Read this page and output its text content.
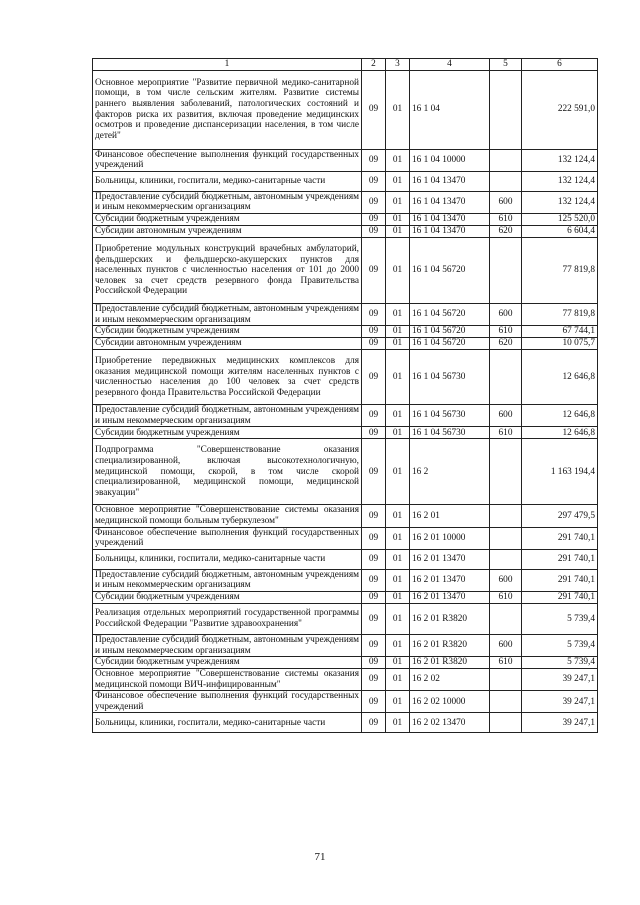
1	2	3	4	5	6
Основное мероприятие "Развитие первичной медико-санитарной помощи, в том числе сельским жителям. Развитие системы раннего выявления заболеваний, патологических состояний и факторов риска их развития, включая проведение медицинских осмотров и проведение диспансеризации населения, в том числе детей"	09	01	16 1 04		222 591,0
Финансовое обеспечение выполнения функций государственных учреждений	09	01	16 1 04 10000		132 124,4
Больницы, клиники, госпитали, медико-санитарные части	09	01	16 1 04 13470		132 124,4
Предоставление субсидий бюджетным, автономным учреждениям и иным некоммерческим организациям	09	01	16 1 04 13470	600	132 124,4
Субсидии бюджетным учреждениям	09	01	16 1 04 13470	610	125 520,0
Субсидии автономным учреждениям	09	01	16 1 04 13470	620	6 604,4
Приобретение модульных конструкций врачебных амбулаторий, фельдшерских и фельдшерско-акушерских пунктов для населенных пунктов с численностью населения от 101 до 2000 человек за счет средств резервного фонда Правительства Российской Федерации	09	01	16 1 04 56720		77 819,8
Предоставление субсидий бюджетным, автономным учреждениям и иным некоммерческим организациям	09	01	16 1 04 56720	600	77 819,8
Субсидии бюджетным учреждениям	09	01	16 1 04 56720	610	67 744,1
Субсидии автономным учреждениям	09	01	16 1 04 56720	620	10 075,7
Приобретение передвижных медицинских комплексов для оказания медицинской помощи жителям населенных пунктов с численностью населения до 100 человек за счет средств резервного фонда Правительства Российской Федерации	09	01	16 1 04 56730		12 646,8
Предоставление субсидий бюджетным, автономным учреждениям и иным некоммерческим организациям	09	01	16 1 04 56730	600	12 646,8
Субсидии бюджетным учреждениям	09	01	16 1 04 56730	610	12 646,8
Подпрограмма "Совершенствование оказания специализированной, включая высокотехнологичную, медицинской помощи, скорой, в том числе скорой специализированной, медицинской помощи, медицинской эвакуации"	09	01	16 2		1 163 194,4
Основное мероприятие "Совершенствование системы оказания медицинской помощи больным туберкулезом"	09	01	16 2 01		297 479,5
Финансовое обеспечение выполнения функций государственных учреждений	09	01	16 2 01 10000		291 740,1
Больницы, клиники, госпитали, медико-санитарные части	09	01	16 2 01 13470		291 740,1
Предоставление субсидий бюджетным, автономным учреждениям и иным некоммерческим организациям	09	01	16 2 01 13470	600	291 740,1
Субсидии бюджетным учреждениям	09	01	16 2 01 13470	610	291 740,1
Реализация отдельных мероприятий государственной программы Российской Федерации "Развитие здравоохранения"	09	01	16 2 01 R3820		5 739,4
Предоставление субсидий бюджетным, автономным учреждениям и иным некоммерческим организациям	09	01	16 2 01 R3820	600	5 739,4
Субсидии бюджетным учреждениям	09	01	16 2 01 R3820	610	5 739,4
Основное мероприятие "Совершенствование системы оказания медицинской помощи ВИЧ-инфицированным"	09	01	16 2 02		39 247,1
Финансовое обеспечение выполнения функций государственных учреждений	09	01	16 2 02 10000		39 247,1
Больницы, клиники, госпитали, медико-санитарные части	09	01	16 2 02 13470		39 247,1
71
